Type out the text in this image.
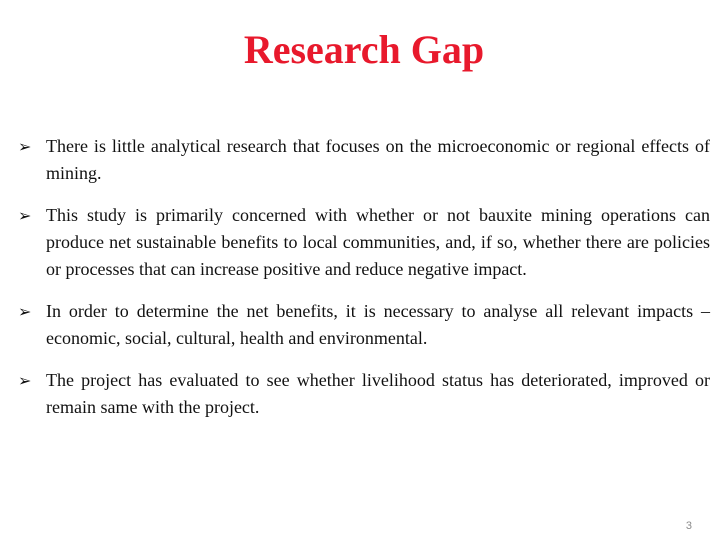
Research Gap
➢ There is little analytical research that focuses on the microeconomic or regional effects of mining.
➢ This study is primarily concerned with whether or not bauxite mining operations can produce net sustainable benefits to local communities, and, if so, whether there are policies or processes that can increase positive and reduce negative impact.
➢ In order to determine the net benefits, it is necessary to analyse all relevant impacts – economic, social, cultural, health and environmental.
➢ The project has evaluated to see whether livelihood status has deteriorated, improved or remain same with the project.
3
